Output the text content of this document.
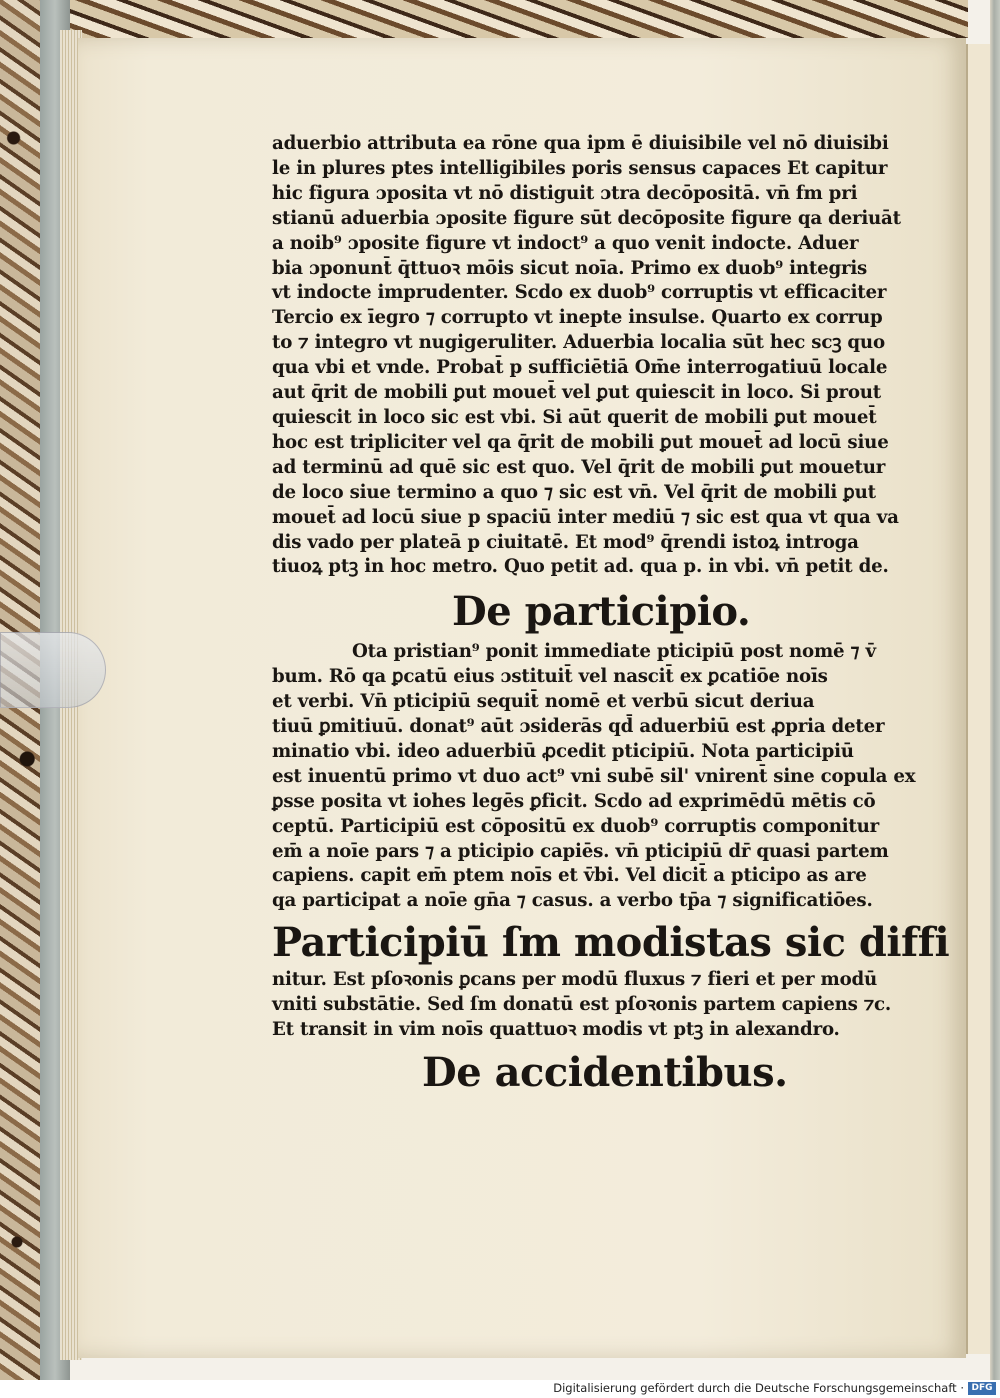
aduerbio attributa ea rōne qua ipm ē diuisibile vel nō diuisibi
le in plures ptes intelligibiles poris sensus capaces Et capitur
hic figura ɔposita vt nō distiguit ɔtra decōpositā. vn̄ fm pri
stianū aduerbia ɔposite figure sūt decōposite figure qa deriuāt
a noib⁹ ɔposite figure vt indoct⁹ a quo venit indocte. Aduer
bia ɔponunt̄ q̄ttuoꝛ mōis sicut noīa. Primo ex duob⁹ integris
vt indocte imprudenter. Scdo ex duob⁹ corruptis vt efficaciter
Tercio ex īegro ⁊ corrupto vt inepte insulse. Quarto ex corrup
to ⁊ integro vt nugigeruliter. Aduerbia localia sūt hec scꝫ quo
qua vbi et vnde. Probat̄ p sufficiētiā Om̄e interrogatiuū locale
aut q̄rit de mobili ꝑut mouet̄ vel ꝑut quiescit in loco. Si prout
quiescit in loco sic est vbi. Si aūt querit de mobili ꝑut mouet̄
hoc est tripliciter vel qa q̄rit de mobili ꝑut mouet̄ ad locū siue
ad terminū ad quē sic est quo. Vel q̄rit de mobili ꝑut mouetur
de loco siue termino a quo ⁊ sic est vn̄. Vel q̄rit de mobili ꝑut
mouet̄ ad locū siue p spaciū inter mediū ⁊ sic est qua vt qua va
dis vado per plateā p ciuitatē. Et mod⁹ q̄rendi istoꝝ introga
tiuoꝝ ptꝫ in hoc metro. Quo petit ad. qua p. in vbi. vn̄ petit de.
De participio.
Ota pristian⁹ ponit immediate pticipiū post nomē ⁊ v̄
bum. Rō qa ꝑcatū eius ɔstituit̄ vel nascit̄ ex ꝑcatiōe noīs
et verbi. Vn̄ pticipiū sequit̄ nomē et verbū sicut deriua
tiuū ꝑmitiuū. donat⁹ aūt ɔsiderās qd̄ aduerbiū est ꝓpria deter
minatio vbi. ideo aduerbiū ꝓcedit pticipiū. Nota participiū
est inuentū primo vt duo act⁹ vni subē sil' vnirent̄ sine copula ex
ꝑsse posita vt iohes legēs ꝑficit. Scdo ad exprimēdū mētis cō
ceptū. Participiū est cōpositū ex duob⁹ corruptis componitur
em̄ a noīe pars ⁊ a pticipio capiēs. vn̄ pticipiū dr̄ quasi partem
capiens. capit em̄ ptem noīs et v̄bi. Vel dicit̄ a pticipo as are
qa participat a noīe gn̄a ⁊ casus. a verbo tp̄a ⁊ significatiōes.
Participiū ſm modistas sic diffi
nitur. Est pſoꝛonis ꝑcans per modū fluxus ⁊ fieri et per modū
vniti substātie. Sed ſm donatū est pſoꝛonis partem capiens ⁊c.
Et transit in vim noīs quattuoꝛ modis vt ptꝫ in alexandro.
De accidentibus.
Digitalisierung gefördert durch die Deutsche Forschungsgemeinschaft · DFG
